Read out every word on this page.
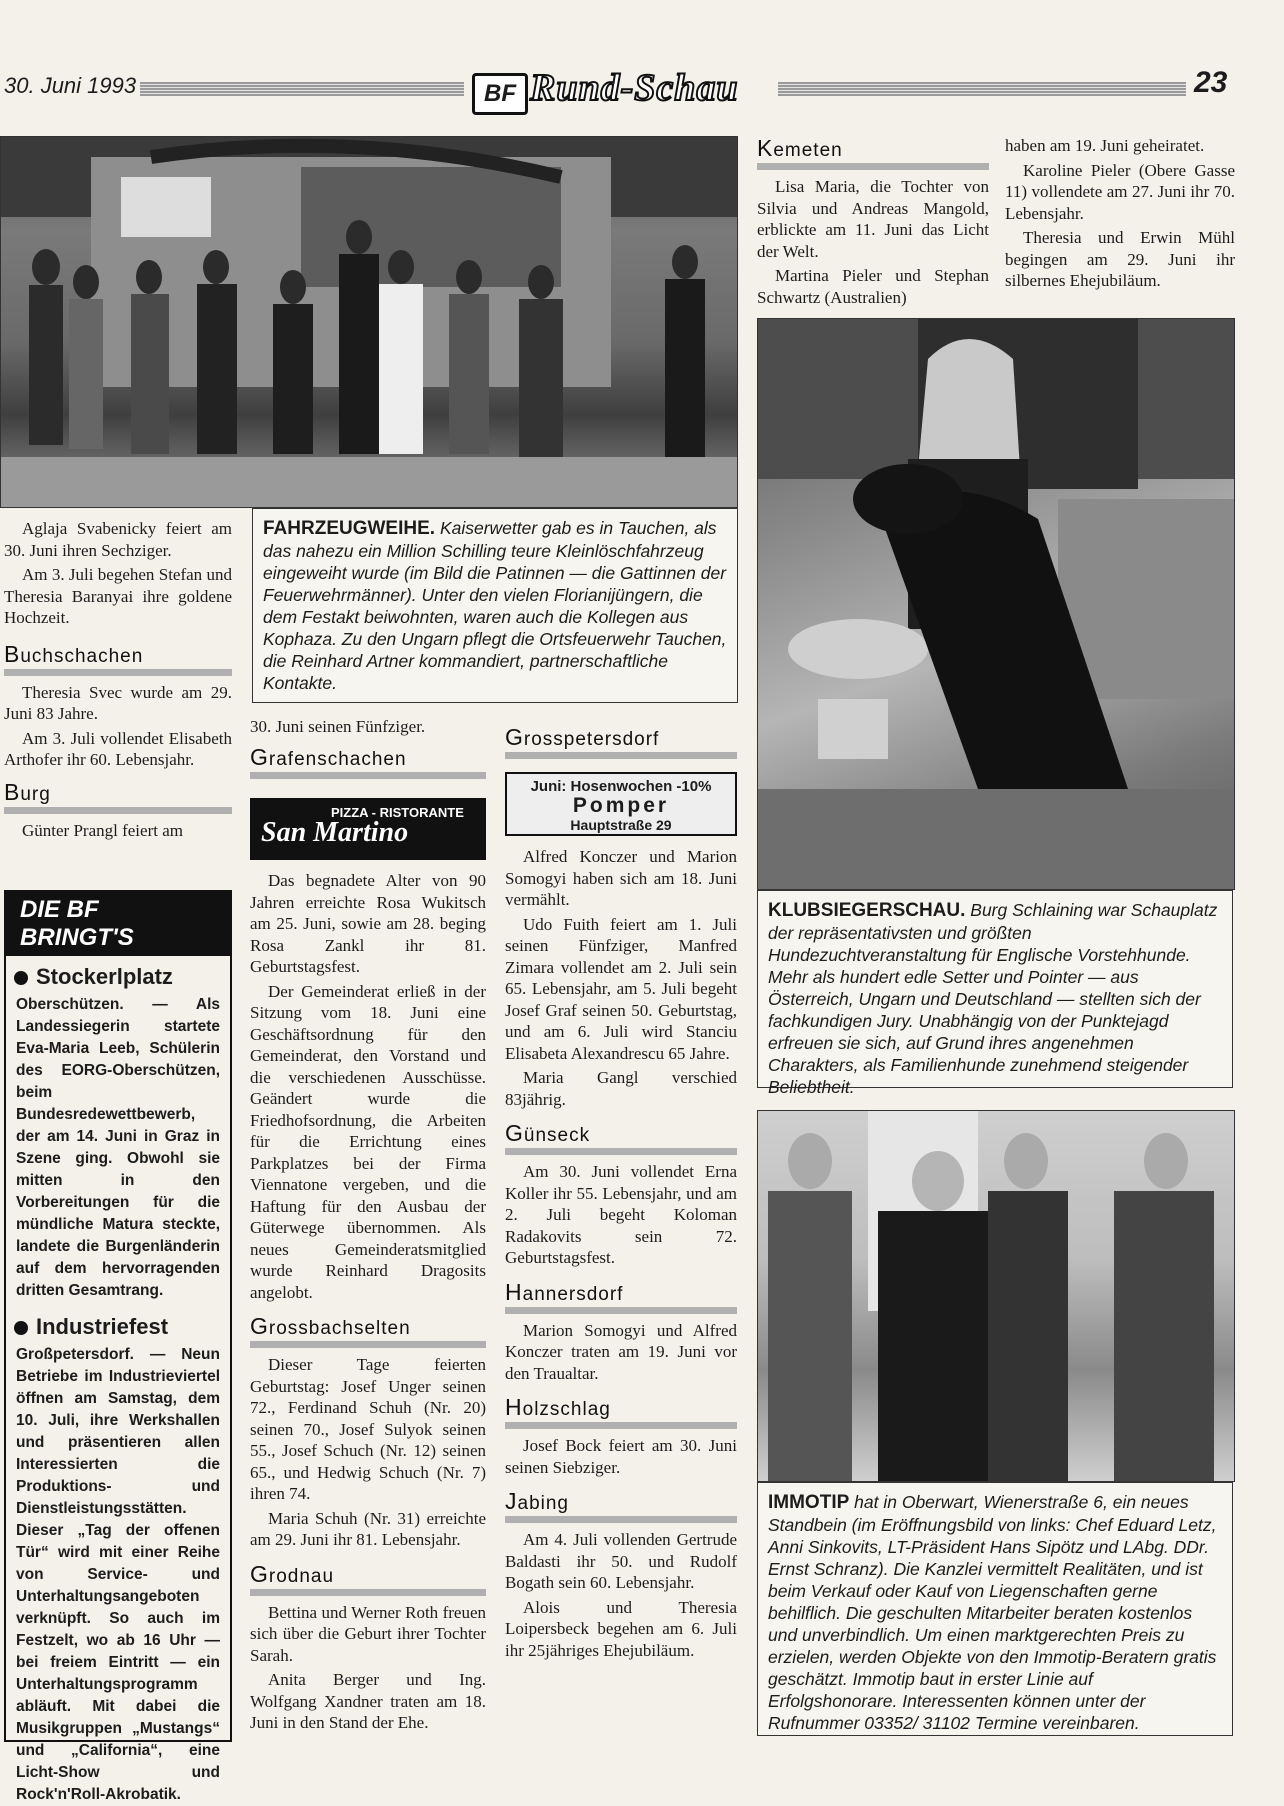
30. Juni 1993	BF Rund-Schau	23
FAHRZEUGWEIHE. Kaiserwetter gab es in Tauchen, als das nahezu ein Million Schilling teure Kleinlöschfahrzeug eingeweiht wurde (im Bild die Patinnen — die Gattinnen der Feuerwehrmänner). Unter den vielen Florianijüngern, die dem Festakt beiwohnten, waren auch die Kollegen aus Kophaza. Zu den Ungarn pflegt die Ortsfeuerwehr Tauchen, die Reinhard Artner kommandiert, partnerschaftliche Kontakte.
Kemeten

Lisa Maria, die Tochter von Silvia und Andreas Mangold, erblickte am 11. Juni das Licht der Welt.

Martina Pieler und Stephan Schwartz (Australien)

haben am 19. Juni geheiratet.

Karoline Pieler (Obere Gasse 11) vollendete am 27. Juni ihr 70. Lebensjahr.

Theresia und Erwin Mühl begingen am 29. Juni ihr silbernes Ehejubiläum.

KLUBSIEGERSCHAU. Burg Schlaining war Schauplatz der repräsentativsten und größten Hundezuchtveranstaltung für Englische Vorstehhunde. Mehr als hundert edle Setter und Pointer — aus Österreich, Ungarn und Deutschland — stellten sich der fachkundigen Jury. Unabhängig von der Punktejagd erfreuen sie sich, auf Grund ihres angenehmen Charakters, als Familienhunde zunehmend steigender Beliebtheit.
IMMOTIP hat in Oberwart, Wienerstraße 6, ein neues Standbein (im Eröffnungsbild von links: Chef Eduard Letz, Anni Sinkovits, LT-Präsident Hans Sipötz und LAbg. DDr. Ernst Schranz). Die Kanzlei vermittelt Realitäten, und ist beim Verkauf oder Kauf von Liegenschaften gerne behilflich. Die geschulten Mitarbeiter beraten kostenlos und unverbindlich. Um einen marktgerechten Preis zu erzielen, werden Objekte von den Immotip-Beratern gratis geschätzt. Immotip baut in erster Linie auf Erfolgshonorare. Interessenten können unter der Rufnummer 03352/ 31102 Termine vereinbaren.

Aglaja Svabenicky feiert am 30. Juni ihren Sechziger.

Am 3. Juli begehen Stefan und Theresia Baranyai ihre goldene Hochzeit.

Buchschachen

Theresia Svec wurde am 29. Juni 83 Jahre.

Am 3. Juli vollendet Elisabeth Arthofer ihr 60. Lebensjahr.

Burg

Günter Prangl feiert am

DIE BF BRINGT'S
Stockerlplatz
Oberschützen. — Als Landessiegerin startete Eva-Maria Leeb, Schülerin des EORG-Oberschützen, beim Bundesredewettbewerb, der am 14. Juni in Graz in Szene ging. Obwohl sie mitten in den Vorbereitungen für die mündliche Matura steckte, landete die Burgenländerin auf dem hervorragenden dritten Gesamtrang.
Industriefest
Großpetersdorf. — Neun Betriebe im Industrieviertel öffnen am Samstag, dem 10. Juli, ihre Werkshallen und präsentieren allen Interessierten die Produktions- und Dienstleistungsstätten. Dieser „Tag der offenen Tür“ wird mit einer Reihe von Service- und Unterhaltungsangeboten verknüpft. So auch im Festzelt, wo ab 16 Uhr — bei freiem Eintritt — ein Unterhaltungsprogramm abläuft. Mit dabei die Musikgruppen „Mustangs“ und „California“, eine Licht-Show und Rock'n'Roll-Akrobatik.

30. Juni seinen Fünfziger.

Grafenschachen
PIZZA - RISTORANTE
San Martino

Das begnadete Alter von 90 Jahren erreichte Rosa Wukitsch am 25. Juni, sowie am 28. beging Rosa Zankl ihr 81. Geburtstagsfest.

Der Gemeinderat erließ in der Sitzung vom 18. Juni eine Geschäftsordnung für den Gemeinderat, den Vorstand und die verschiedenen Ausschüsse. Geändert wurde die Friedhofsordnung, die Arbeiten für die Errichtung eines Parkplatzes bei der Firma Viennatone vergeben, und die Haftung für den Ausbau der Güterwege übernommen. Als neues Gemeinderatsmitglied wurde Reinhard Dragosits angelobt.

Grossbachselten

Dieser Tage feierten Geburtstag: Josef Unger seinen 72., Ferdinand Schuh (Nr. 20) seinen 70., Josef Sulyok seinen 55., Josef Schuch (Nr. 12) seinen 65., und Hedwig Schuch (Nr. 7) ihren 74.

Maria Schuh (Nr. 31) erreichte am 29. Juni ihr 81. Lebensjahr.

Grodnau

Bettina und Werner Roth freuen sich über die Geburt ihrer Tochter Sarah.

Anita Berger und Ing. Wolfgang Xandner traten am 18. Juni in den Stand der Ehe.

Grosspetersdorf
Juni: Hosenwochen -10%
Pomper
Hauptstraße 29

Alfred Konczer und Marion Somogyi haben sich am 18. Juni vermählt.

Udo Fuith feiert am 1. Juli seinen Fünfziger, Manfred Zimara vollendet am 2. Juli sein 65. Lebensjahr, am 5. Juli begeht Josef Graf seinen 50. Geburtstag, und am 6. Juli wird Stanciu Elisabeta Alexandrescu 65 Jahre.

Maria Gangl verschied 83jährig.

Günseck

Am 30. Juni vollendet Erna Koller ihr 55. Lebensjahr, und am 2. Juli begeht Koloman Radakovits sein 72. Geburtstagsfest.

Hannersdorf

Marion Somogyi und Alfred Konczer traten am 19. Juni vor den Traualtar.

Holzschlag

Josef Bock feiert am 30. Juni seinen Siebziger.

Jabing

Am 4. Juli vollenden Gertrude Baldasti ihr 50. und Rudolf Bogath sein 60. Lebensjahr.

Alois und Theresia Loipersbeck begehen am 6. Juli ihr 25jähriges Ehejubiläum.
